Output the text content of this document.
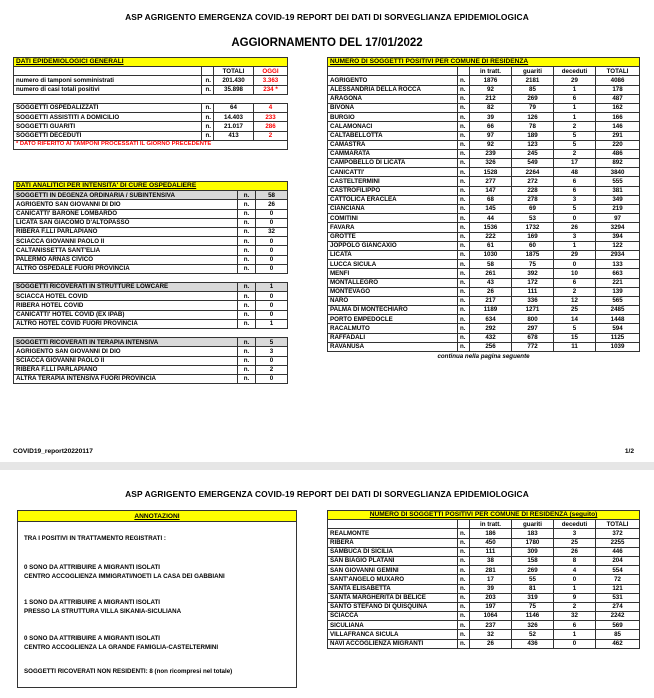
ASP AGRIGENTO EMERGENZA COVID-19 REPORT DEI DATI DI SORVEGLIANZA EPIDEMIOLOGICA
AGGIORNAMENTO DEL 17/01/2022
DATI EPIDEMIOLOGICI GENERALI			
		TOTALI	OGGI
numero di tamponi somministrati	n.	201.430	3.363
numero di casi totali positivi	n.	35.898	234 *

SOGGETTI OSPEDALIZZATI	n.	64	4
SOGGETTI ASSISTITI A DOMICILIO	n.	14.403	233
SOGGETTI GUARITI	n.	21.017	286
SOGGETTI DECEDUTI	n.	413	2
* DATO RIFERITO AI TAMPONI PROCESSATI IL GIORNO PRECEDENTE			
DATI ANALITICI PER INTENSITA' DI CURE OSPEDALIERE		
SOGGETTI IN DEGENZA ORDINARIA / SUBINTENSIVA	n.	58
AGRIGENTO SAN GIOVANNI DI DIO	n.	26
CANICATTI' BARONE LOMBARDO	n.	0
LICATA SAN GIACOMO D'ALTOPASSO	n.	0
RIBERA F.LLI PARLAPIANO	n.	32
SCIACCA GIOVANNI PAOLO II	n.	0
CALTANISSETTA SANT'ELIA	n.	0
PALERMO ARNAS CIVICO	n.	0
ALTRO OSPEDALE FUORI PROVINCIA	n.	0

SOGGETTI RICOVERATI IN STRUTTURE LOWCARE	n.	1
SCIACCA HOTEL COVID	n.	0
RIBERA HOTEL COVID	n.	0
CANICATTI' HOTEL COVID (EX IPAB)	n.	0
ALTRO HOTEL COVID FUORI PROVINCIA	n.	1

SOGGETTI RICOVERATI IN TERAPIA INTENSIVA	n.	5
AGRIGENTO SAN GIOVANNI DI DIO	n.	3
SCIACCA GIOVANNI PAOLO II	n.	0
RIBERA F.LLI PARLAPIANO	n.	2
ALTRA TERAPIA INTENSIVA FUORI PROVINCIA	n.	0
NUMERO DI SOGGETTI POSITIVI PER COMUNE DI RESIDENZA					
		in tratt.	guariti	deceduti	TOTALI
AGRIGENTO	n.	1876	2181	29	4086
ALESSANDRIA DELLA ROCCA	n.	92	85	1	178
ARAGONA	n.	212	269	6	487
BIVONA	n.	82	79	1	162
BURGIO	n.	39	126	1	166
CALAMONACI	n.	66	78	2	146
CALTABELLOTTA	n.	97	189	5	291
CAMASTRA	n.	92	123	5	220
CAMMARATA	n.	239	245	2	486
CAMPOBELLO DI LICATA	n.	326	549	17	892
CANICATTI'	n.	1528	2264	48	3840
CASTELTERMINI	n.	277	272	6	555
CASTROFILIPPO	n.	147	228	6	381
CATTOLICA ERACLEA	n.	68	278	3	349
CIANCIANA	n.	145	69	5	219
COMITINI	n.	44	53	0	97
FAVARA	n.	1536	1732	26	3294
GROTTE	n.	222	169	3	394
JOPPOLO GIANCAXIO	n.	61	60	1	122
LICATA	n.	1030	1875	29	2934
LUCCA SICULA	n.	58	75	0	133
MENFI	n.	261	392	10	663
MONTALLEGRO	n.	43	172	6	221
MONTEVAGO	n.	26	111	2	139
NARO	n.	217	336	12	565
PALMA DI MONTECHIARO	n.	1189	1271	25	2485
PORTO EMPEDOCLE	n.	634	800	14	1448
RACALMUTO	n.	292	297	5	594
RAFFADALI	n.	432	678	15	1125
RAVANUSA	n.	256	772	11	1039
continua nella pagina seguente					
COVID19_report20220117	1/2
ASP AGRIGENTO EMERGENZA COVID-19 REPORT DEI DATI DI SORVEGLIANZA EPIDEMIOLOGICA
ANNOTAZIONI
TRA I POSITIVI IN TRATTAMENTO REGISTRATI :
0 SONO DA ATTRIBUIRE A MIGRANTI ISOLATI
CENTRO ACCOGLIENZA IMMIGRATI/NOETI LA CASA DEI GABBIANI
1 SONO DA ATTRIBUIRE A MIGRANTI ISOLATI
PRESSO LA STRUTTURA VILLA SIKANIA-SICULIANA
0 SONO DA ATTRIBUIRE A MIGRANTI ISOLATI
CENTRO ACCOGLIENZA LA GRANDE FAMIGLIA-CASTELTERMINI
SOGGETTI RICOVERATI NON RESIDENTI: 8 (non ricompresi nel totale)
NUMERO DI SOGGETTI POSITIVI PER COMUNE DI RESIDENZA (seguito)					
		in tratt.	guariti	deceduti	TOTALI
REALMONTE	n.	186	183	3	372
RIBERA	n.	450	1780	25	2255
SAMBUCA DI SICILIA	n.	111	309	26	446
SAN BIAGIO PLATANI	n.	38	158	8	204
SAN GIOVANNI GEMINI	n.	281	269	4	554
SANT'ANGELO MUXARO	n.	17	55	0	72
SANTA ELISABETTA	n.	39	81	1	121
SANTA MARGHERITA DI BELICE	n.	203	319	9	531
SANTO STEFANO DI QUISQUINA	n.	197	75	2	274
SCIACCA	n.	1064	1146	32	2242
SICULIANA	n.	237	326	6	569
VILLAFRANCA SICULA	n.	32	52	1	85
NAVI ACCOGLIENZA MIGRANTI	n.	26	436	0	462
